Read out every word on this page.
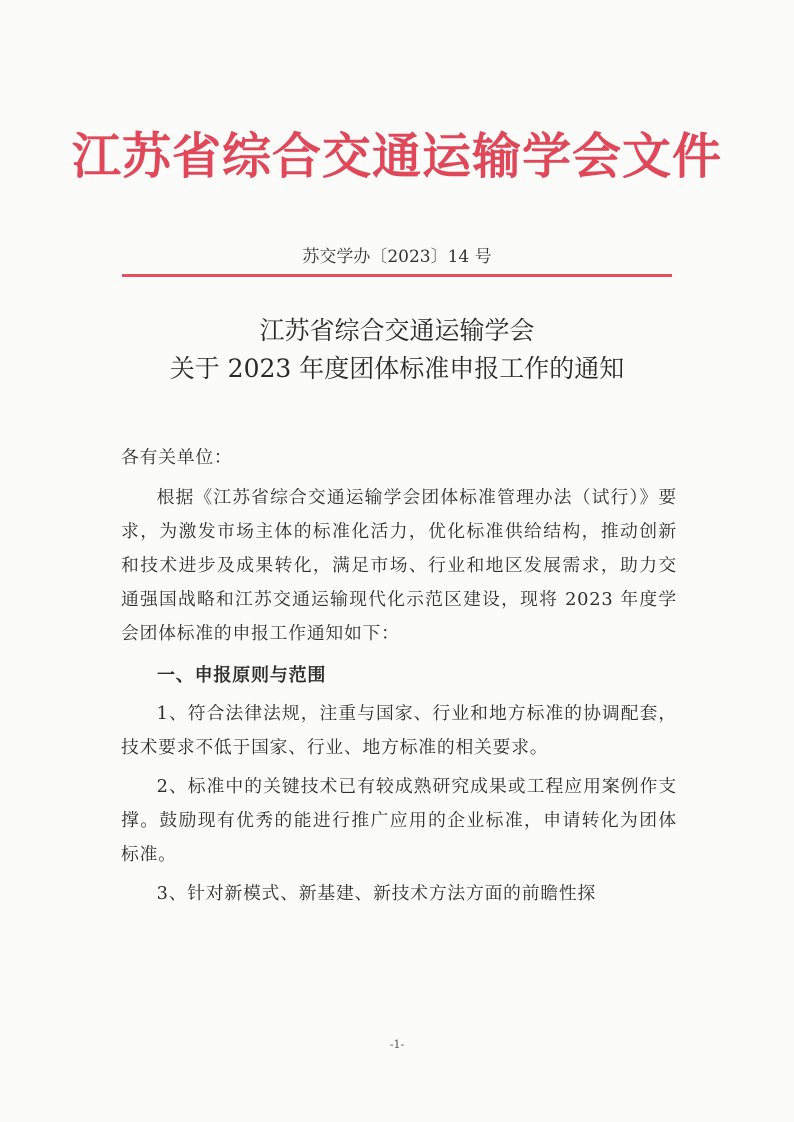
江苏省综合交通运输学会文件
苏交学办〔2023〕14 号
江苏省综合交通运输学会
关于 2023 年度团体标准申报工作的通知

各有关单位：

根据《江苏省综合交通运输学会团体标准管理办法（试行）》要求，为激发市场主体的标准化活力，优化标准供给结构，推动创新和技术进步及成果转化，满足市场、行业和地区发展需求，助力交通强国战略和江苏交通运输现代化示范区建设，现将 2023 年度学会团体标准的申报工作通知如下：

一、申报原则与范围

1、符合法律法规，注重与国家、行业和地方标准的协调配套，技术要求不低于国家、行业、地方标准的相关要求。

2、标准中的关键技术已有较成熟研究成果或工程应用案例作支撑。鼓励现有优秀的能进行推广应用的企业标准，申请转化为团体标准。

3、针对新模式、新基建、新技术方法方面的前瞻性探

-1-
